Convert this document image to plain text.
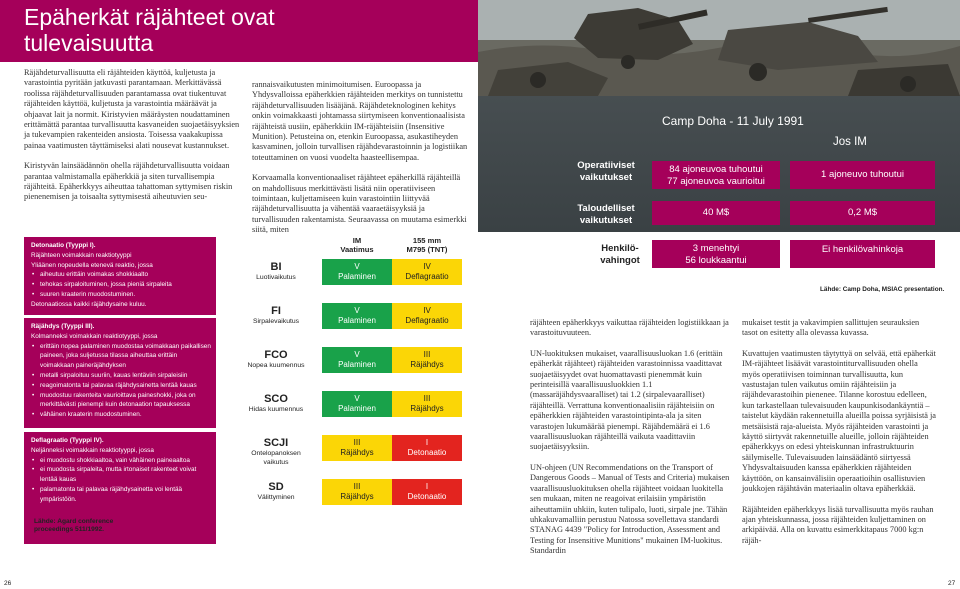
Epäherkät räjähteet ovat
tulevaisuutta

Räjähdeturvallisuutta eli räjähteiden käyttöä, kuljetusta ja varastointia pyritään jatkuvasti parantamaan. Merkittävässä roolissa räjähdeturvallisuuden parantamassa ovat tiukentuvat räjähteiden käyttöä, kuljetusta ja varastointia määräävät ja ohjaavat lait ja normit. Kiristyvien määräysten noudattaminen erittämättä parantaa turvallisuutta kasvaneiden suojaetäisyyksien ja tukevampien rakenteiden ansiosta. Toisessa vaakakupissa painaa vaatimusten täyttämiseksi alati nousevat kustannukset.

Kiristyvän lainsäädännön ohella räjähdeturvallisuutta voidaan parantaa valmistamalla epäherkkiä ja siten turvallisempia räjähteitä. Epäherkkyys aiheuttaa tahattoman syttymisen riskin pienenemisen ja toisaalta syttymisestä aiheutuvien seu-

rannaisvaikutusten minimoitumisen. Euroopassa ja Yhdysvalloissa epäherkkien räjähteiden merkitys on tunnistettu räjähdeturvallisuuden lisääjänä. Räjähdeteknologinen kehitys onkin voimakkaasti johtamassa siirtymiseen konventionaalisista räjähteistä uusiin, epäherkkiin IM-räjähteisiin (Insensitive Munition). Petusteina on, etenkin Euroopassa, asukastiheyden kasvaminen, jolloin turvallisen räjähdevarastoinnin ja logistiikan toteuttaminen on vuosi vuodelta haasteellisempaa.

Korvaamalla konventionaaliset räjähteet epäherkillä räjähteillä on mahdollisuus merkittävästi lisätä niin operatiiviseen toimintaan, kuljettamiseen kuin varastointiin liittyvää räjähdeturvallisuutta ja vähentää vaaraetäisyyksiä ja turvallisuuden rakentamista. Seuraavassa on muutama esimerkki siitä, miten

Camp Doha - 11 July 1991
Jos IM
Operatiiviset
vaikutukset
Taloudelliset
vaikutukset
84 ajoneuvoa tuhoutui
77 ajoneuvoa vaurioitui
1 ajoneuvo tuhoutui
40 M$	0,2 M$
Henkilö-
vahingot
3 menehtyi
56 loukkaantui
Ei henkilövahinkoja
Lähde: Camp Doha, MSIAC presentation.
Detonaatio (Tyyppi I).
Räjähteen voimakkain reaktiotyyppi
Yliäänen nopeudella etenevä reaktio, jossa
• aiheutuu erittäin voimakas shokkiaalto
• tehokas sirpaloituminen, jossa pieniä sirpaleita
• suuren kraaterin muodostuminen.
Detonaatiossa kaikki räjähdysaine kuluu.
Räjähdys (Tyyppi III).
Kolmanneksi voimakkain reaktiotyyppi, jossa
• erittäin nopea palaminen muodostaa voimakkaan paikallisen paineen, joka suljetussa tilassa aiheuttaa erittäin voimakkaan paineräjähdyksen
• metalli sirpaloituu suuriin, kauas lentäviin sirpaleisiin
• reagoimatonta tai palavaa räjähdysainetta lentää kauas
• muodostuu rakenteita vaurioittava paineshokki, joka on merkittävästi pienempi kuin detonaation tapauksessa
• vähäinen kraaterin muodostuminen.
Deflagraatio (Tyyppi IV).
Neljänneksi voimakkain reaktiotyyppi, jossa
• ei muodostu shokkiaaltoa, vain vähäinen paineaaltoa
• ei muodosta sirpaleita, mutta irtonaiset rakenteet voivat lentää kauas
• palamatonta tai palavaa räjähdysainetta voi lentää ympäristöön.
Lähde: Agard conference proceedings 511/1992.
IM
Vaatimus
155 mm
M795 (TNT)
BI
Luotivaikutus
V
Palaminen
IV
Deflagraatio
FI
Sirpalevaikutus
V
Palaminen
IV
Deflagraatio
FCO
Nopea kuumennus
V
Palaminen
III
Räjähdys
SCO
Hidas kuumennus
V
Palaminen
III
Räjähdys
SCJI
Ontelopanoksen vaikutus
III
Räjähdys
I
Detonaatio
SD
Välittyminen
III
Räjähdys
I
Detonaatio

räjähteen epäherkkyys vaikuttaa räjähteiden logistiikkaan ja varastoituvuuteen.

UN-luokituksen mukaiset, vaarallisuusluokan 1.6 (erittäin epäherkät räjähteet) räjähteiden varastoinnissa vaadittavat suojaetäisyydet ovat huomattavasti pienemmät kuin perinteisillä vaarallisuusluokkien 1.1 (massaräjähdysvaaralliset) tai 1.2 (sirpalevaaralliset) räjähteillä. Verrattuna konventionaalisiin räjähteisiin on epäherkkien räjähteiden varastointipinta-ala ja siten varastojen lukumäärää pienempi. Räjähdemäärä ei 1.6 vaarallisuusluokan räjähteillä vaikuta vaadittaviin suojaetäisyyksiin.

UN-ohjeen (UN Recommendations on the Transport of Dangerous Goods – Manual of Tests and Criteria) mukaisen vaarallisuusluokituksen ohella räjähteet voidaan luokitella sen mukaan, miten ne reagoivat erilaisiin ympäristön aiheuttamiin uhkiin, kuten tulipalo, luoti, sirpale jne. Tähän uhkakuvamalliin perustuu Natossa sovellettava standardi STANAG 4439 "Policy for Introduction, Assessment and Testing for Insensitive Munitions" mukainen IM-luokitus. Standardin

mukaiset testit ja vakavimpien sallittujen seurauksien tasot on esitetty alla olevassa kuvassa.

Kuvattujen vaatimusten täytyttyä on selvää, että epäherkät IM-räjähteet lisäävät varastointiturvallisuuden ohella myös operatiivisen toiminnan turvallisuutta, kun vastustajan tulen vaikutus omiin räjähteisiin ja räjähdevarastoihin pienenee. Tilanne korostuu edelleen, kun tarkastellaan tulevaisuuden kaupunkisodankäyntiä – taistelut käydään rakennetuilla alueilla poissa syrjäisistä ja metsäisistä raja-alueista. Myös räjähteiden varastointi ja käyttö siirtyvät rakennetuille alueille, jolloin räjähteiden epäherkkyys on edesi yhteiskunnan infrastruktuurin säilymiselle. Tulevaisuuden lainsäädäntö siirtyessä Yhdysvaltaisuuden kanssa epäherkkien räjähteiden käyttöön, on kansainvälisiin operaatioihin osallistuvien joukkojen räjähtävän materiaalin oltava epäherkkää.

Räjähteiden epäherkkyys lisää turvallisuutta myös rauhan ajan yhteiskunnassa, jossa räjähteiden kuljettaminen on arkipäivää. Alla on kuvattu esimerkkitapaus 7000 kg:n räjäh-

26	27
